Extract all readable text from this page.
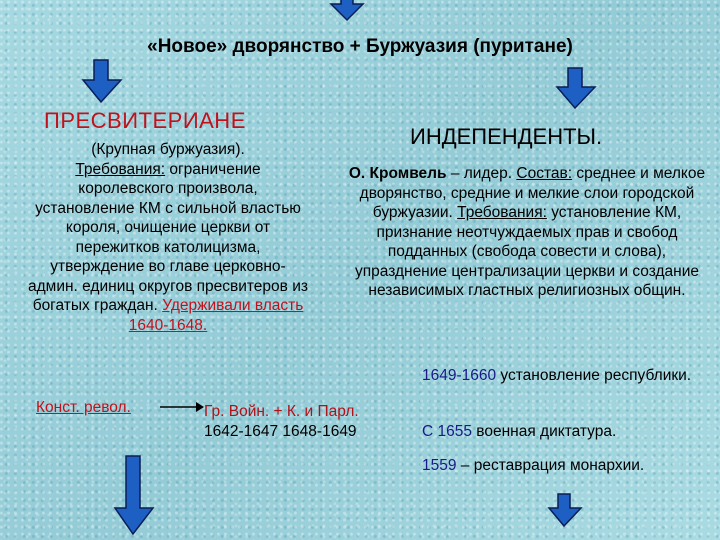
«Новое» дворянство + Буржуазия (пуритане)
ПРЕСВИТЕРИАНЕ
(Крупная буржуазия).
Требования: ограничение королевского произвола, установление КМ с сильной властью короля, очищение церкви от пережитков католицизма, утверждение во главе церковно-админ. единиц округов пресвитеров из богатых граждан. Удерживали власть
1640-1648.
ИНДЕПЕНДЕНТЫ.
О. Кромвель – лидер. Состав: среднее и мелкое дворянство, средние и мелкие слои городской буржуазии. Требования: установление КМ, признание неотчуждаемых прав и свобод подданных (свобода совести и слова), упразднение централизации церкви и создание независимых гластных религиозных общин.
Конст. револ.	Гр. Войн. + К. и Парл.
1642-1647 1648-1649
1649-1660 установление республики.
С 1655 военная диктатура.
1559 – реставрация монархии.
